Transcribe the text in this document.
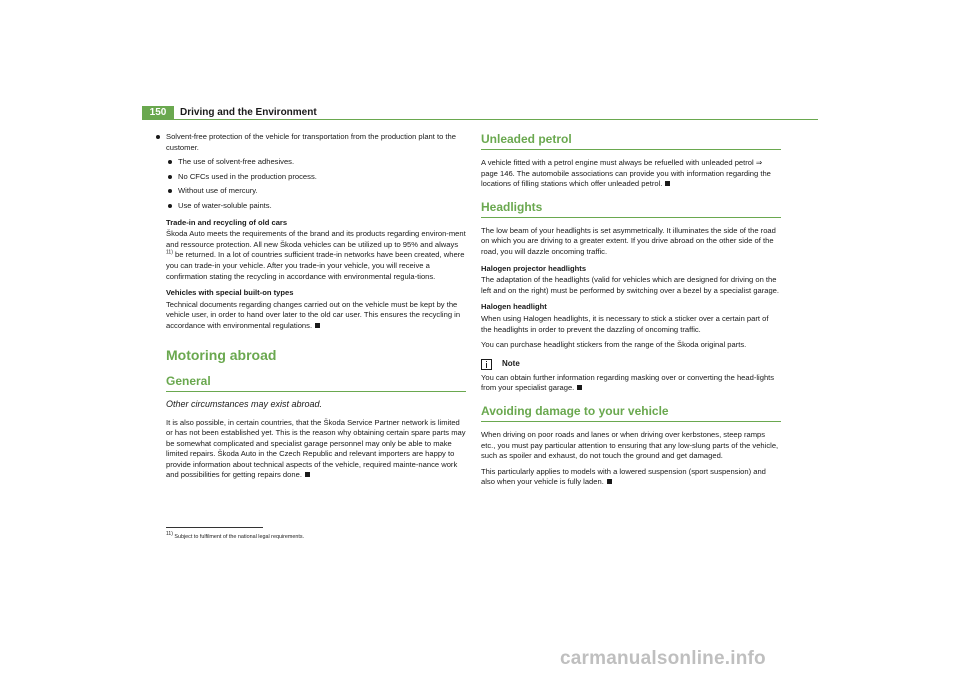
150	Driving and the Environment
Solvent-free protection of the vehicle for transportation from the production plant to the customer.
The use of solvent-free adhesives.
No CFCs used in the production process.
Without use of mercury.
Use of water-soluble paints.
Trade-in and recycling of old cars

Škoda Auto meets the requirements of the brand and its products regarding environ-ment and ressource protection. All new Škoda vehicles can be utilized up to 95% and always $^{11)}$ be returned. In a lot of countries sufficient trade-in networks have been created, where you can trade-in your vehicle. After you trade-in your vehicle, you will receive a confirmation stating the recycling in accordance with environmental regula-tions.

Vehicles with special built-on types

Technical documents regarding changes carried out on the vehicle must be kept by the vehicle user, in order to hand over later to the old car user. This ensures the recycling in accordance with environmental regulations.

Motoring abroad
General
Other circumstances may exist abroad.

It is also possible, in certain countries, that the Škoda Service Partner network is limited or has not been established yet. This is the reason why obtaining certain spare parts may be somewhat complicated and specialist garage personnel may only be able to make limited repairs. Škoda Auto in the Czech Republic and relevant importers are happy to provide information about technical aspects of the vehicle, required mainte-nance work and possibilities for getting repairs done.

Unleaded petrol

A vehicle fitted with a petrol engine must always be refuelled with unleaded petrol ⇒ page 146. The automobile associations can provide you with information regarding the locations of filling stations which offer unleaded petrol.

Headlights

The low beam of your headlights is set asymmetrically. It illuminates the side of the road on which you are driving to a greater extent. If you drive abroad on the other side of the road, you will dazzle oncoming traffic.

Halogen projector headlights

The adaptation of the headlights (valid for vehicles which are designed for driving on the left and on the right) must be performed by switching over a bezel by a specialist garage.

Halogen headlight

When using Halogen headlights, it is necessary to stick a sticker over a certain part of the headlights in order to prevent the dazzling of oncoming traffic.

You can purchase headlight stickers from the range of the Škoda original parts.

Note

You can obtain further information regarding masking over or converting the head-lights from your specialist garage.

Avoiding damage to your vehicle

When driving on poor roads and lanes or when driving over kerbstones, steep ramps etc., you must pay particular attention to ensuring that any low-slung parts of the vehicle, such as spoiler and exhaust, do not touch the ground and get damaged.

This particularly applies to models with a lowered suspension (sport suspension) and also when your vehicle is fully laden.

$^{11)}$ Subject to fulfilment of the national legal requirements.
carmanualsonline.info
